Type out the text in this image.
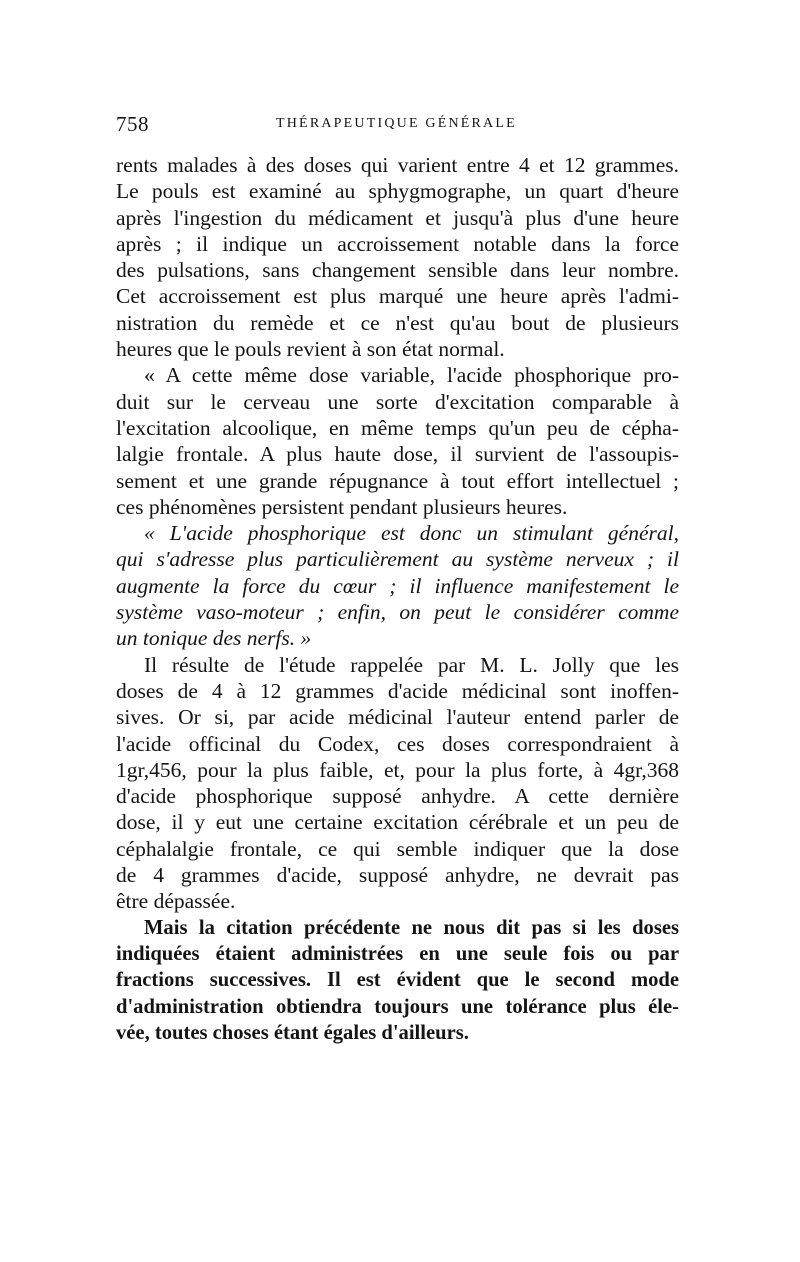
758	THÉRAPEUTIQUE GÉNÉRALE
rents malades à des doses qui varient entre 4 et 12 grammes.
Le pouls est examiné au sphygmographe, un quart d'heure
après l'ingestion du médicament et jusqu'à plus d'une heure
après ; il indique un accroissement notable dans la force
des pulsations, sans changement sensible dans leur nombre.
Cet accroissement est plus marqué une heure après l'admi-
nistration du remède et ce n'est qu'au bout de plusieurs
heures que le pouls revient à son état normal.
« A cette même dose variable, l'acide phosphorique pro-
duit sur le cerveau une sorte d'excitation comparable à
l'excitation alcoolique, en même temps qu'un peu de cépha-
lalgie frontale. A plus haute dose, il survient de l'assoupis-
sement et une grande répugnance à tout effort intellectuel ;
ces phénomènes persistent pendant plusieurs heures.
« L'acide phosphorique est donc un stimulant général,
qui s'adresse plus particulièrement au système nerveux ; il
augmente la force du cœur ; il influence manifestement le
système vaso-moteur ; enfin, on peut le considérer comme
un tonique des nerfs. »
Il résulte de l'étude rappelée par M. L. Jolly que les
doses de 4 à 12 grammes d'acide médicinal sont inoffen-
sives. Or si, par acide médicinal l'auteur entend parler de
l'acide officinal du Codex, ces doses correspondraient à
1gr,456, pour la plus faible, et, pour la plus forte, à 4gr,368
d'acide phosphorique supposé anhydre. A cette dernière
dose, il y eut une certaine excitation cérébrale et un peu de
céphalalgie frontale, ce qui semble indiquer que la dose
de 4 grammes d'acide, supposé anhydre, ne devrait pas
être dépassée.
Mais la citation précédente ne nous dit pas si les doses
indiquées étaient administrées en une seule fois ou par
fractions successives. Il est évident que le second mode
d'administration obtiendra toujours une tolérance plus éle-
vée, toutes choses étant égales d'ailleurs.
